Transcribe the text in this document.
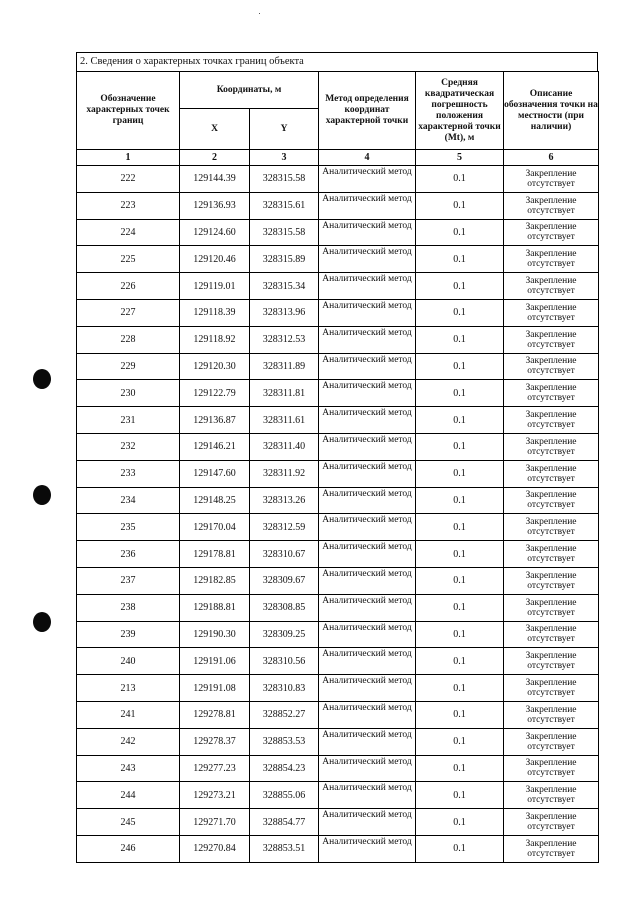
2. Сведения о характерных точках границ объекта
Обозначение характерных точек границ	Координаты, м		Метод определения координат характерной точки	Средняя квадратическая погрешность положения характерной точки (Mt), м	Описание обозначения точки на местности (при наличии)
	X	Y			
1	2	3	4	5	6
222	129144.39	328315.58	Аналитический метод	0.1	Закрепление отсутствует
223	129136.93	328315.61	Аналитический метод	0.1	Закрепление отсутствует
224	129124.60	328315.58	Аналитический метод	0.1	Закрепление отсутствует
225	129120.46	328315.89	Аналитический метод	0.1	Закрепление отсутствует
226	129119.01	328315.34	Аналитический метод	0.1	Закрепление отсутствует
227	129118.39	328313.96	Аналитический метод	0.1	Закрепление отсутствует
228	129118.92	328312.53	Аналитический метод	0.1	Закрепление отсутствует
229	129120.30	328311.89	Аналитический метод	0.1	Закрепление отсутствует
230	129122.79	328311.81	Аналитический метод	0.1	Закрепление отсутствует
231	129136.87	328311.61	Аналитический метод	0.1	Закрепление отсутствует
232	129146.21	328311.40	Аналитический метод	0.1	Закрепление отсутствует
233	129147.60	328311.92	Аналитический метод	0.1	Закрепление отсутствует
234	129148.25	328313.26	Аналитический метод	0.1	Закрепление отсутствует
235	129170.04	328312.59	Аналитический метод	0.1	Закрепление отсутствует
236	129178.81	328310.67	Аналитический метод	0.1	Закрепление отсутствует
237	129182.85	328309.67	Аналитический метод	0.1	Закрепление отсутствует
238	129188.81	328308.85	Аналитический метод	0.1	Закрепление отсутствует
239	129190.30	328309.25	Аналитический метод	0.1	Закрепление отсутствует
240	129191.06	328310.56	Аналитический метод	0.1	Закрепление отсутствует
213	129191.08	328310.83	Аналитический метод	0.1	Закрепление отсутствует
241	129278.81	328852.27	Аналитический метод	0.1	Закрепление отсутствует
242	129278.37	328853.53	Аналитический метод	0.1	Закрепление отсутствует
243	129277.23	328854.23	Аналитический метод	0.1	Закрепление отсутствует
244	129273.21	328855.06	Аналитический метод	0.1	Закрепление отсутствует
245	129271.70	328854.77	Аналитический метод	0.1	Закрепление отсутствует
246	129270.84	328853.51	Аналитический метод	0.1	Закрепление отсутствует
